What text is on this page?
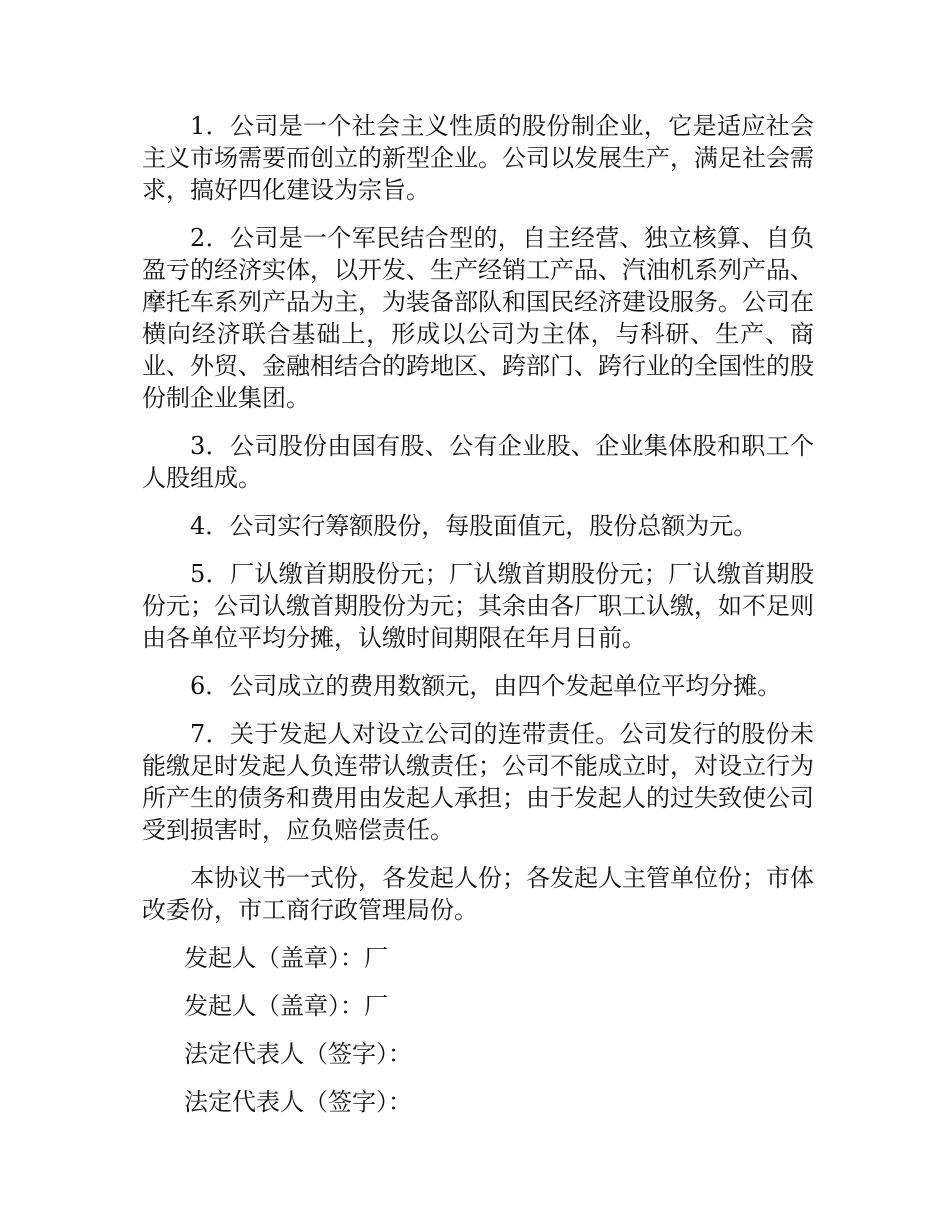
1．公司是一个社会主义性质的股份制企业，它是适应社会主义市场需要而创立的新型企业。公司以发展生产，满足社会需求，搞好四化建设为宗旨。

2．公司是一个军民结合型的，自主经营、独立核算、自负盈亏的经济实体，以开发、生产经销工产品、汽油机系列产品、摩托车系列产品为主，为装备部队和国民经济建设服务。公司在横向经济联合基础上，形成以公司为主体，与科研、生产、商业、外贸、金融相结合的跨地区、跨部门、跨行业的全国性的股份制企业集团。

3．公司股份由国有股、公有企业股、企业集体股和职工个人股组成。

4．公司实行筹额股份，每股面值元，股份总额为元。

5．厂认缴首期股份元；厂认缴首期股份元；厂认缴首期股份元；公司认缴首期股份为元；其余由各厂职工认缴，如不足则由各单位平均分摊，认缴时间期限在年月日前。

6．公司成立的费用数额元，由四个发起单位平均分摊。

7．关于发起人对设立公司的连带责任。公司发行的股份未能缴足时发起人负连带认缴责任；公司不能成立时，对设立行为所产生的债务和费用由发起人承担；由于发起人的过失致使公司受到损害时，应负赔偿责任。

本协议书一式份，各发起人份；各发起人主管单位份；市体改委份，市工商行政管理局份。

发起人（盖章）：厂

发起人（盖章）：厂

法定代表人（签字）：

法定代表人（签字）：
